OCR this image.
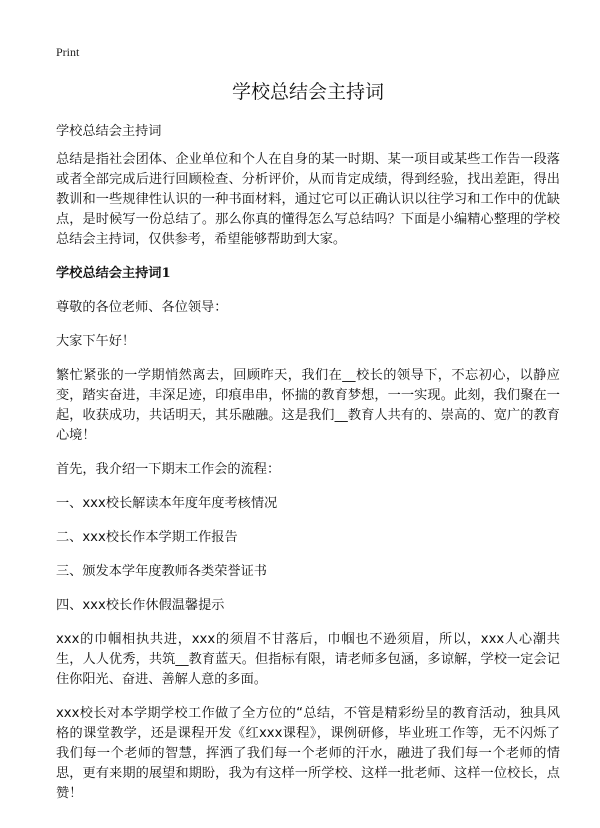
Print
学校总结会主持词

学校总结会主持词

总结是指社会团体、企业单位和个人在自身的某一时期、某一项目或某些工作告一段落或者全部完成后进行回顾检查、分析评价，从而肯定成绩，得到经验，找出差距，得出教训和一些规律性认识的一种书面材料，通过它可以正确认识以往学习和工作中的优缺点，是时候写一份总结了。那么你真的懂得怎么写总结吗？下面是小编精心整理的学校总结会主持词，仅供参考，希望能够帮助到大家。

学校总结会主持词1

尊敬的各位老师、各位领导：

大家下午好！

繁忙紧张的一学期悄然离去，回顾昨天，我们在__校长的领导下，不忘初心，以静应变，踏实奋进，丰深足迹，印痕串串，怀揣的教育梦想，一一实现。此刻，我们聚在一起，收获成功，共话明天，其乐融融。这是我们__教育人共有的、崇高的、宽广的教育心境！

首先，我介绍一下期末工作会的流程：

一、xxx校长解读本年度年度考核情况

二、xxx校长作本学期工作报告

三、颁发本学年度教师各类荣誉证书

四、xxx校长作休假温馨提示

xxx的巾帼相执共进，xxx的须眉不甘落后，巾帼也不逊须眉，所以，xxx人心潮共生，人人优秀，共筑__教育蓝天。但指标有限，请老师多包涵，多谅解，学校一定会记住你阳光、奋进、善解人意的多面。

xxx校长对本学期学校工作做了全方位的“总结，不管是精彩纷呈的教育活动，独具风格的课堂教学，还是课程开发《红xxx课程》，课例研修，毕业班工作等，无不闪烁了我们每一个老师的智慧，挥洒了我们每一个老师的汗水，融进了我们每一个老师的情思，更有来期的展望和期盼，我为有这样一所学校、这样一批老师、这样一位校长，点赞！
